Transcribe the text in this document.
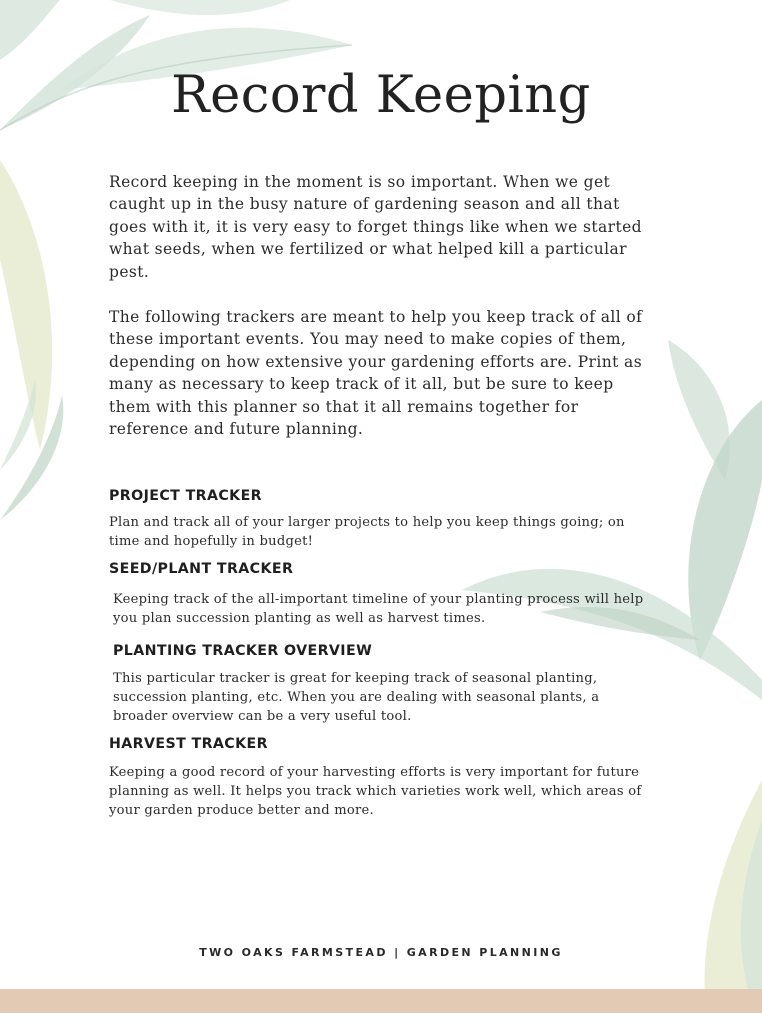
Record Keeping

Record keeping in the moment is so important. When we get caught up in the busy nature of gardening season and all that goes with it, it is very easy to forget things like when we started what seeds, when we fertilized or what helped kill a particular pest.

The following trackers are meant to help you keep track of all of these important events. You may need to make copies of them, depending on how extensive your gardening efforts are. Print as many as necessary to keep track of it all, but be sure to keep them with this planner so that it all remains together for reference and future planning.

PROJECT TRACKER

Plan and track all of your larger projects to help you keep things going; on time and hopefully in budget!

SEED/PLANT TRACKER

Keeping track of the all-important timeline of your planting process will help you plan succession planting as well as harvest times.

PLANTING TRACKER OVERVIEW

This particular tracker is great for keeping track of seasonal planting, succession planting, etc. When you are dealing with seasonal plants, a broader overview can be a very useful tool.

HARVEST TRACKER

Keeping a good record of your harvesting efforts is very important for future planning as well. It helps you track which varieties work well, which areas of your garden produce better and more.

TWO OAKS FARMSTEAD | GARDEN PLANNING
